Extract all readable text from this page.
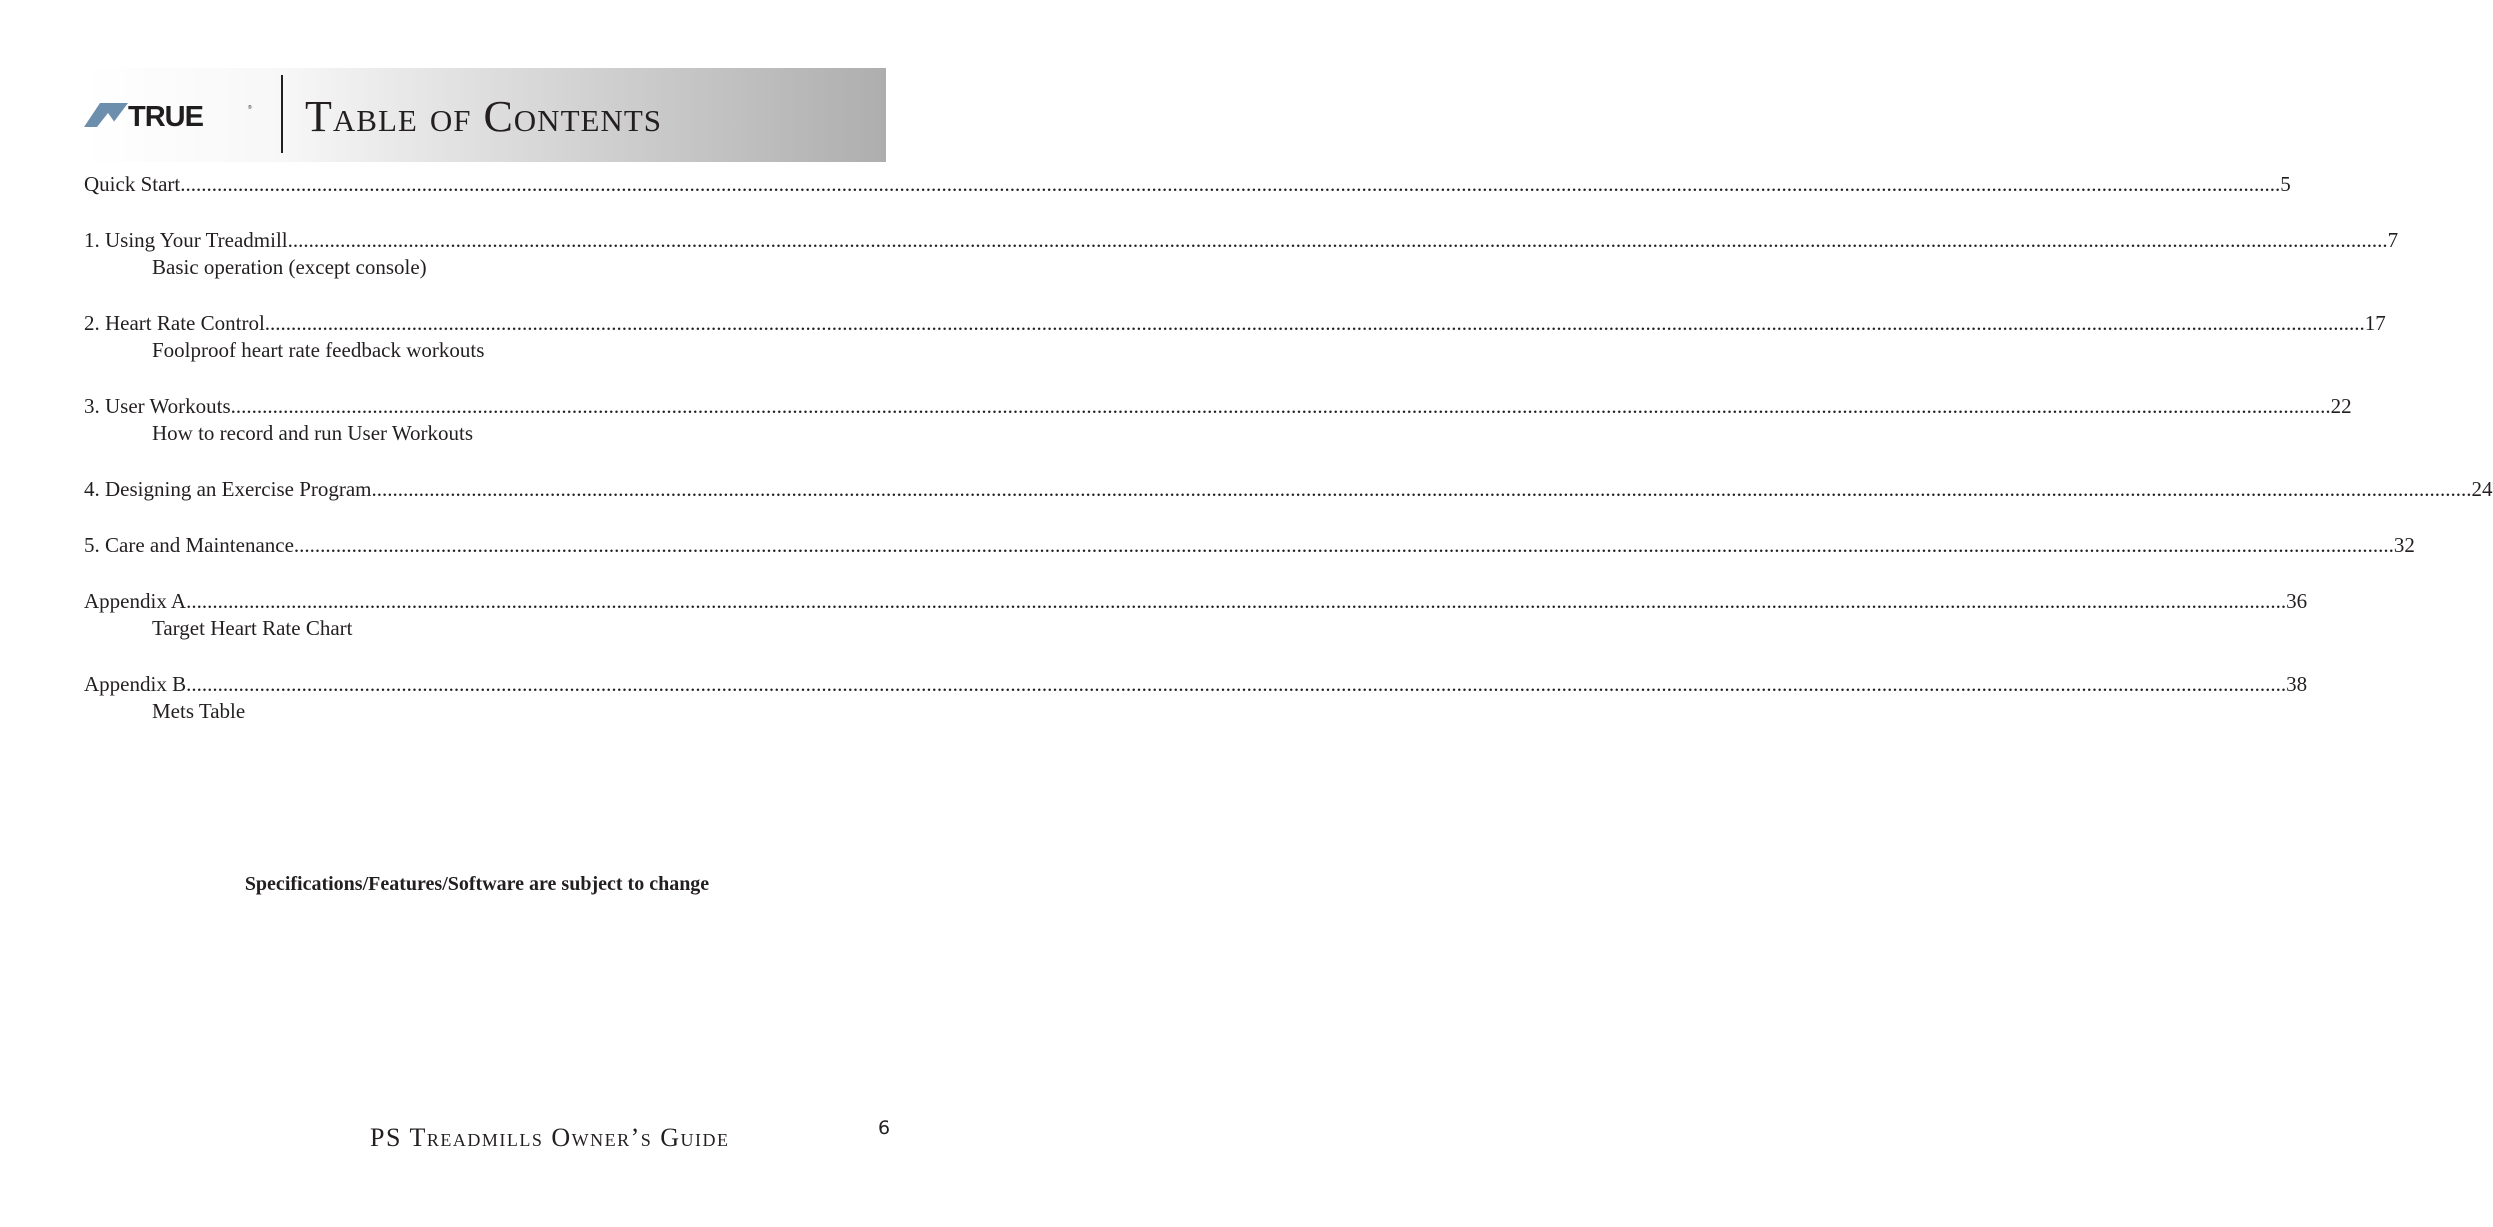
TRUE	® Table of Contents
Quick Start ................................................................................................................................................................................................................................................................................................................................................................................................................ 5
1. Using Your Treadmill ................................................................................................................................................................................................................................................................................................................................................................................................................ 7
Basic operation (except console)
2. Heart Rate Control ................................................................................................................................................................................................................................................................................................................................................................................................................ 17
Foolproof heart rate feedback workouts
3. User Workouts ................................................................................................................................................................................................................................................................................................................................................................................................................ 22
How to record and run User Workouts
4. Designing an Exercise Program ................................................................................................................................................................................................................................................................................................................................................................................................................ 24
5. Care and Maintenance ................................................................................................................................................................................................................................................................................................................................................................................................................ 32
Appendix A ................................................................................................................................................................................................................................................................................................................................................................................................................ 36
Target Heart Rate Chart
Appendix B ................................................................................................................................................................................................................................................................................................................................................................................................................ 38
Mets Table
Specifications/Features/Software are subject to change
PS Treadmills Owner’s Guide	6
